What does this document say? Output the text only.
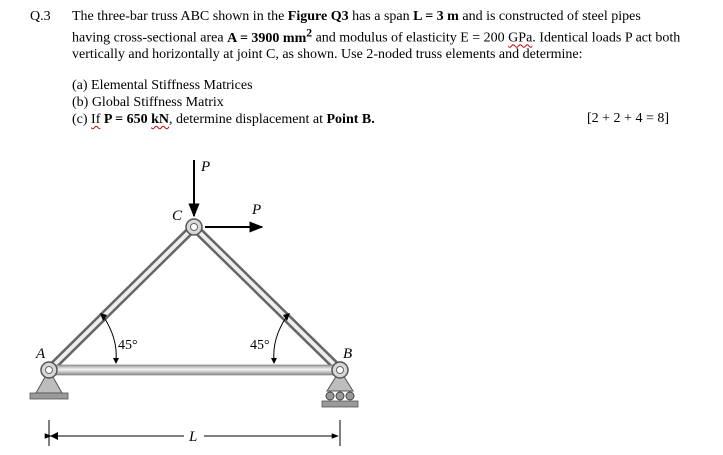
Q.3 The three-bar truss ABC shown in the Figure Q3 has a span L = 3 m and is constructed of steel pipes having cross-sectional area A = 3900 $mm^2$ and modulus of elasticity E = 200 GPa. Identical loads P act both vertically and horizontally at joint C, as shown. Use 2-noded truss elements and determine:

(a) Elemental Stiffness Matrices
(b) Global Stiffness Matrix
(c) If P = 650 kN, determine displacement at Point B.	[2 + 2 + 4 = 8]
P
P
C
A	B
45°	45°
L
